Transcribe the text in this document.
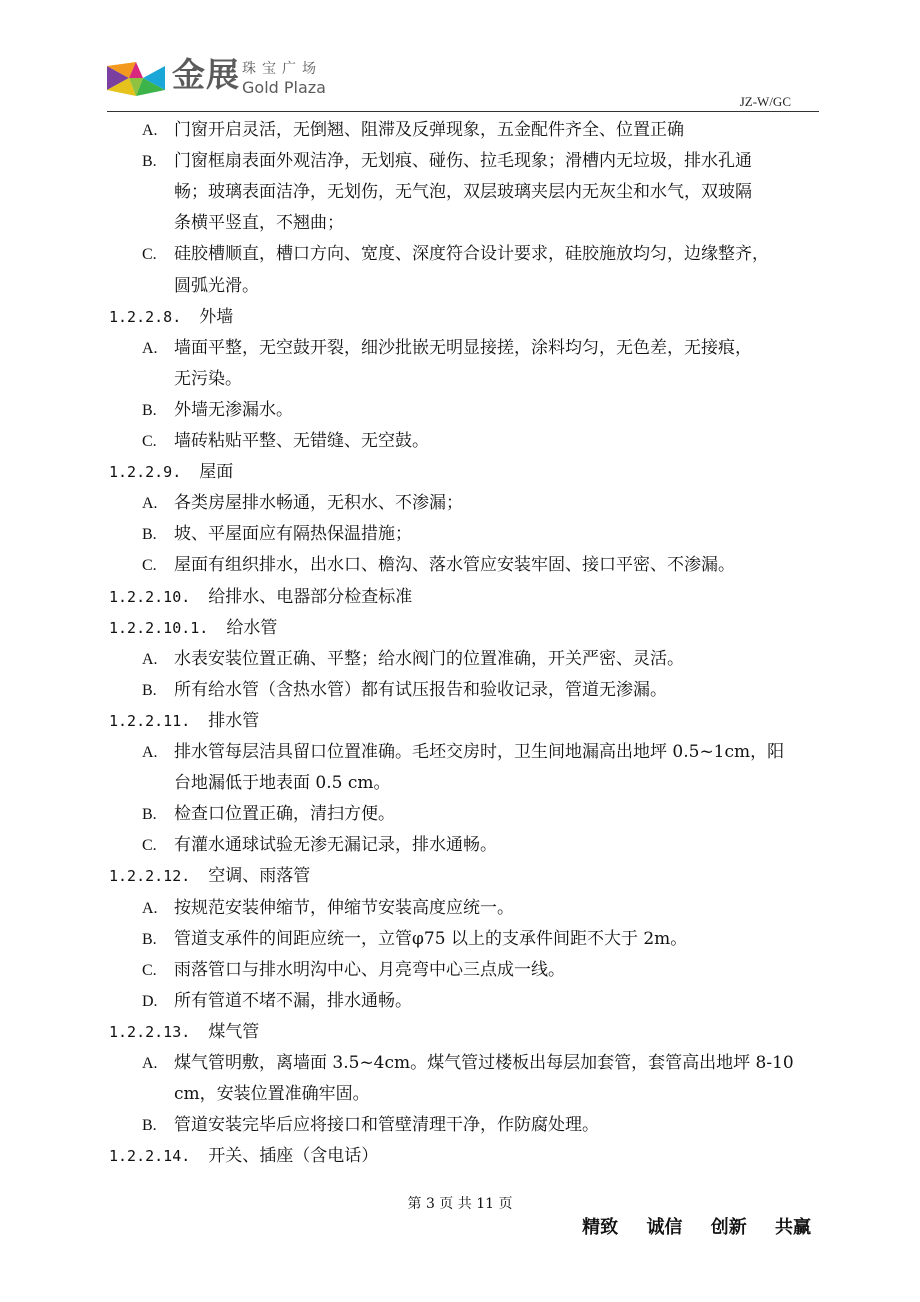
金展 珠宝广场
Gold Plaza
JZ-W/GC
A. 门窗开启灵活，无倒翘、阻滞及反弹现象，五金配件齐全、位置正确
B. 门窗框扇表面外观洁净，无划痕、碰伤、拉毛现象；滑槽内无垃圾，排水孔通
畅；玻璃表面洁净，无划伤，无气泡，双层玻璃夹层内无灰尘和水气，双玻隔
条横平竖直，不翘曲；
C. 硅胶槽顺直，槽口方向、宽度、深度符合设计要求，硅胶施放均匀，边缘整齐，
圆弧光滑。
1.2.2.8. 外墙
A. 墙面平整，无空鼓开裂，细沙批嵌无明显接搓，涂料均匀，无色差，无接痕，
无污染。
B. 外墙无渗漏水。
C. 墙砖粘贴平整、无错缝、无空鼓。
1.2.2.9. 屋面
A. 各类房屋排水畅通，无积水、不渗漏；
B. 坡、平屋面应有隔热保温措施；
C. 屋面有组织排水，出水口、檐沟、落水管应安装牢固、接口平密、不渗漏。
1.2.2.10. 给排水、电器部分检查标准
1.2.2.10.1. 给水管
A. 水表安装位置正确、平整；给水阀门的位置准确，开关严密、灵活。
B. 所有给水管（含热水管）都有试压报告和验收记录，管道无渗漏。
1.2.2.11. 排水管
A. 排水管每层洁具留口位置准确。毛坯交房时，卫生间地漏高出地坪 0.5~1cm，阳
台地漏低于地表面 0.5 cm。
B. 检查口位置正确，清扫方便。
C. 有灌水通球试验无渗无漏记录，排水通畅。
1.2.2.12. 空调、雨落管
A. 按规范安装伸缩节，伸缩节安装高度应统一。
B. 管道支承件的间距应统一，立管φ75 以上的支承件间距不大于 2m。
C. 雨落管口与排水明沟中心、月亮弯中心三点成一线。
D. 所有管道不堵不漏，排水通畅。
1.2.2.13. 煤气管
A. 煤气管明敷，离墙面 3.5~4cm。煤气管过楼板出每层加套管，套管高出地坪 8-10
cm，安装位置准确牢固。
B. 管道安装完毕后应将接口和管壁清理干净，作防腐处理。
1.2.2.14. 开关、插座（含电话）
第 3 页 共 11 页
精致 诚信 创新 共赢
